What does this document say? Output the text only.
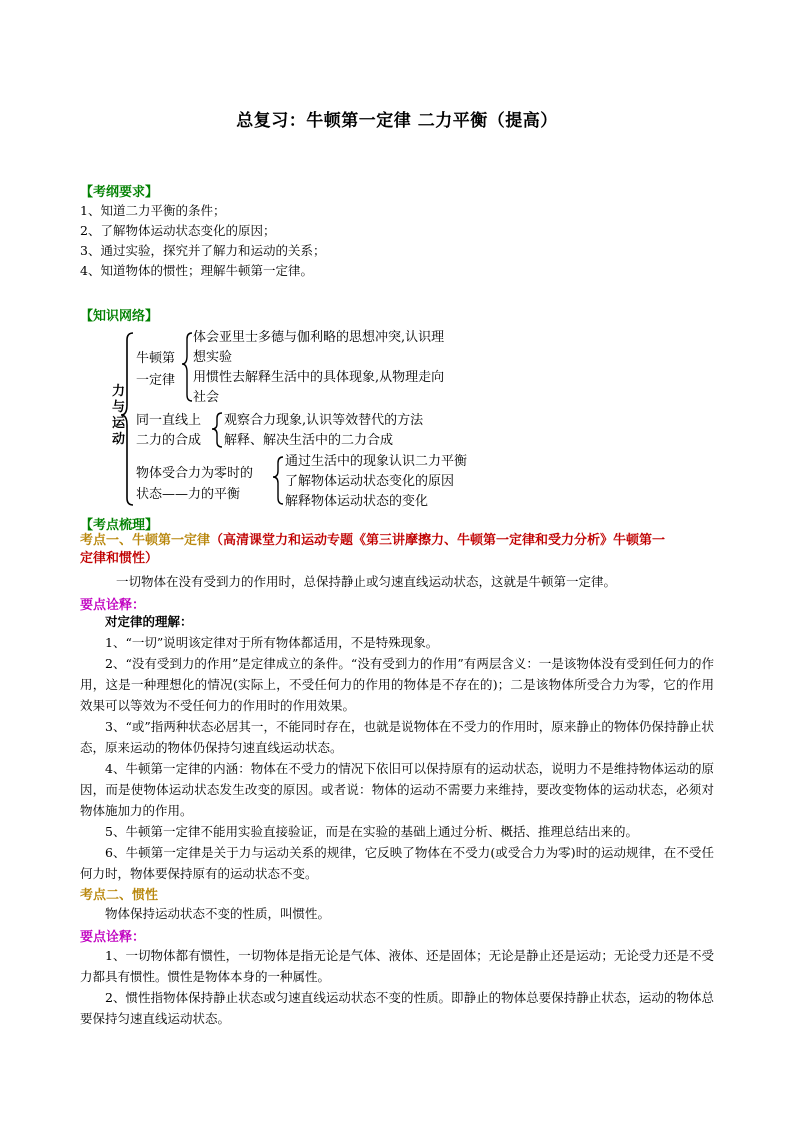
总复习：牛顿第一定律 二力平衡（提高）
【考纲要求】
1、知道二力平衡的条件；
2、了解物体运动状态变化的原因；
3、通过实验，探究并了解力和运动的关系；
4、知道物体的惯性；理解牛顿第一定律。
【知识网络】
力
与
运
动
牛顿第
一定律
体会亚里士多德与伽利略的思想冲突,认识理
想实验
用惯性去解释生活中的具体现象,从物理走向
社会
同一直线上
二力的合成
观察合力现象,认识等效替代的方法
解释、解决生活中的二力合成
物体受合力为零时的
状态——力的平衡
通过生活中的现象认识二力平衡
了解物体运动状态变化的原因
解释物体运动状态的变化
【考点梳理】
考点一、牛顿第一定律（高清课堂力和运动专题《第三讲摩擦力、牛顿第一定律和受力分析》牛顿第一
定律和惯性）
一切物体在没有受到力的作用时，总保持静止或匀速直线运动状态，这就是牛顿第一定律。
要点诠释：
对定律的理解：
1、“一切”说明该定律对于所有物体都适用，不是特殊现象。
2、“没有受到力的作用”是定律成立的条件。“没有受到力的作用”有两层含义：一是该物体没有受到任何力的作用，这是一种理想化的情况(实际上，不受任何力的作用的物体是不存在的)；二是该物体所受合力为零，它的作用效果可以等效为不受任何力的作用时的作用效果。
3、“或”指两种状态必居其一，不能同时存在，也就是说物体在不受力的作用时，原来静止的物体仍保持静止状态，原来运动的物体仍保持匀速直线运动状态。
4、牛顿第一定律的内涵：物体在不受力的情况下依旧可以保持原有的运动状态，说明力不是维持物体运动的原因，而是使物体运动状态发生改变的原因。或者说：物体的运动不需要力来维持，要改变物体的运动状态，必须对物体施加力的作用。
5、牛顿第一定律不能用实验直接验证，而是在实验的基础上通过分析、概括、推理总结出来的。
6、牛顿第一定律是关于力与运动关系的规律，它反映了物体在不受力(或受合力为零)时的运动规律，在不受任何力时，物体要保持原有的运动状态不变。
考点二、惯性
物体保持运动状态不变的性质，叫惯性。
要点诠释：
1、一切物体都有惯性，一切物体是指无论是气体、液体、还是固体；无论是静止还是运动；无论受力还是不受力都具有惯性。惯性是物体本身的一种属性。
2、惯性指物体保持静止状态或匀速直线运动状态不变的性质。即静止的物体总要保持静止状态，运动的物体总要保持匀速直线运动状态。
